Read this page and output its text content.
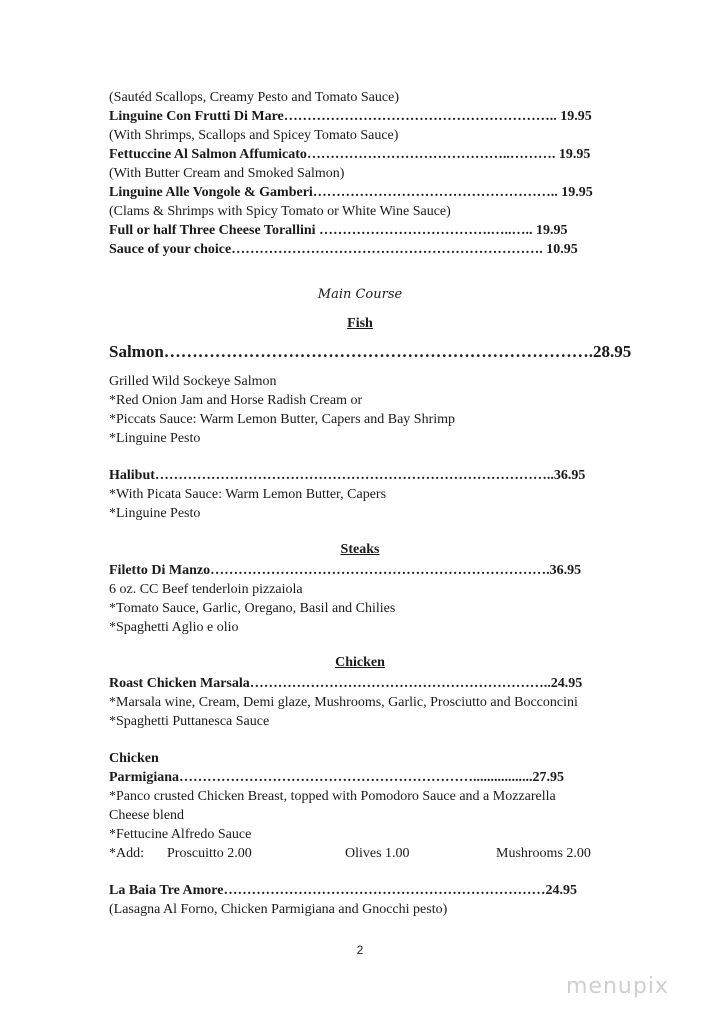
(Sautéd Scallops, Creamy Pesto and Tomato Sauce)
Linguine Con Frutti Di Mare………………………………………………….. 19.95
(With Shrimps, Scallops and Spicey Tomato Sauce)
Fettuccine Al Salmon Affumicato……………………………………..………. 19.95
(With Butter Cream and Smoked Salmon)
Linguine Alle Vongole & Gamberi…………………………………………….. 19.95
(Clams & Shrimps with Spicy Tomato or White Wine Sauce)
Full or half Three Cheese Torallini ……………………………….…..….. 19.95
Sauce of your choice…………………………………………………………. 10.95
Main Course
Fish
Salmon………………………………………………………………….28.95
Grilled Wild Sockeye Salmon
*Red Onion Jam and Horse Radish Cream or
*Piccats Sauce: Warm Lemon Butter, Capers and Bay Shrimp
*Linguine Pesto
Halibut…………………………………………………………………………..36.95
*With Picata Sauce: Warm Lemon Butter, Capers
*Linguine Pesto
Steaks
Filetto Di Manzo……………………………………………………………….36.95
6 oz. CC Beef tenderloin pizzaiola
*Tomato Sauce, Garlic, Oregano, Basil and Chilies
*Spaghetti Aglio e olio
Chicken
Roast Chicken Marsala………………………………………………………..24.95
*Marsala wine, Cream, Demi glaze, Mushrooms, Garlic, Prosciutto and Bocconcini
*Spaghetti Puttanesca Sauce
Chicken
Parmigiana……………………………………………………….................27.95
*Panco crusted Chicken Breast, topped with Pomodoro Sauce and a Mozzarella
Cheese blend
*Fettucine Alfredo Sauce
*Add: Proscuitto 2.00	Olives 1.00	Mushrooms 2.00
La Baia Tre Amore……………………………………………………………24.95
(Lasagna Al Forno, Chicken Parmigiana and Gnocchi pesto)
2
menupix
